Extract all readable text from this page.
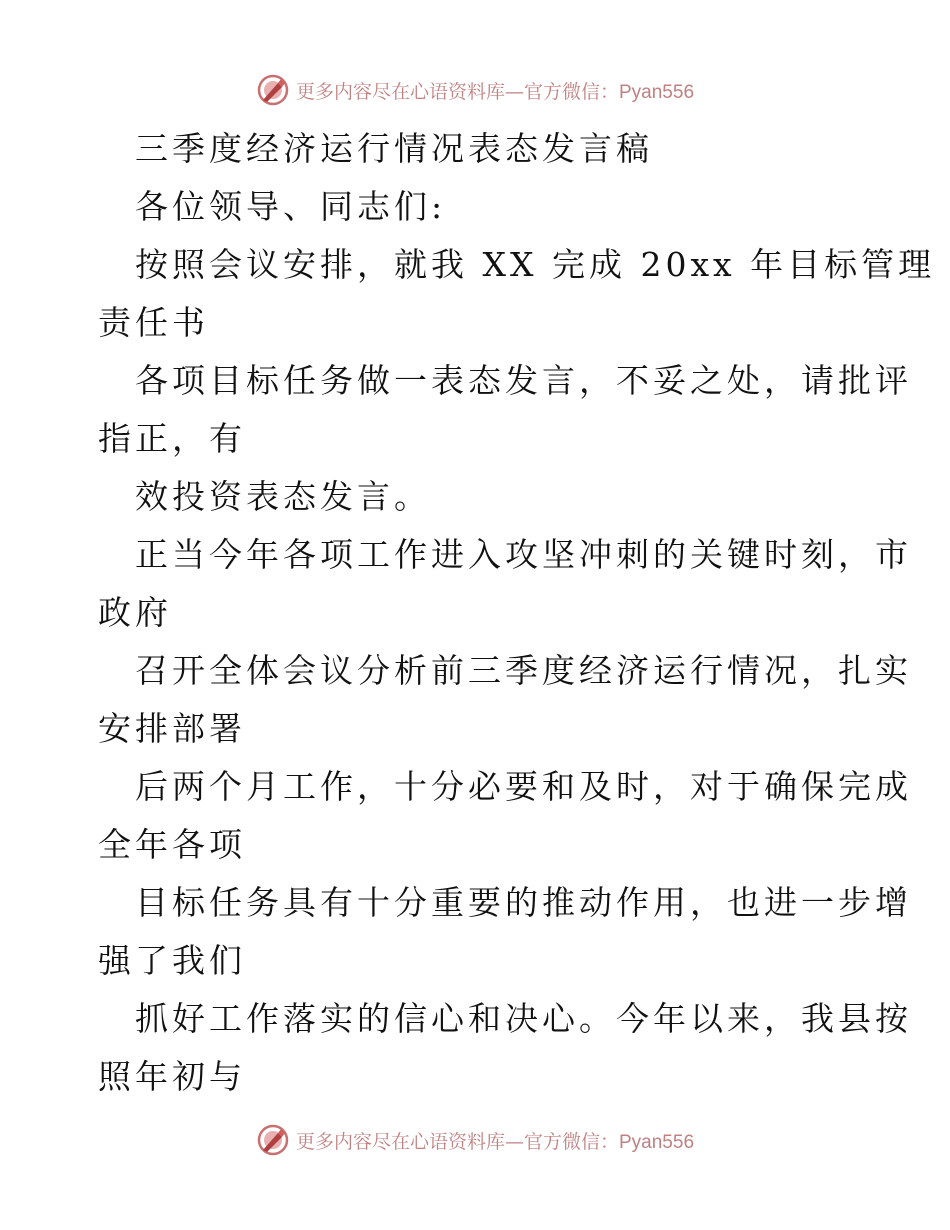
更多内容尽在心语资料库—官方微信：Pyan556
三季度经济运行情况表态发言稿
各位领导、同志们:
按照会议安排，就我 XX 完成 20xx 年目标管理
责任书
各项目标任务做一表态发言，不妥之处，请批评
指正，有
效投资表态发言。
正当今年各项工作进入攻坚冲刺的关键时刻，市
政府
召开全体会议分析前三季度经济运行情况，扎实
安排部署
后两个月工作，十分必要和及时，对于确保完成
全年各项
目标任务具有十分重要的推动作用，也进一步增
强了我们
抓好工作落实的信心和决心。今年以来，我县按
照年初与
更多内容尽在心语资料库—官方微信：Pyan556
